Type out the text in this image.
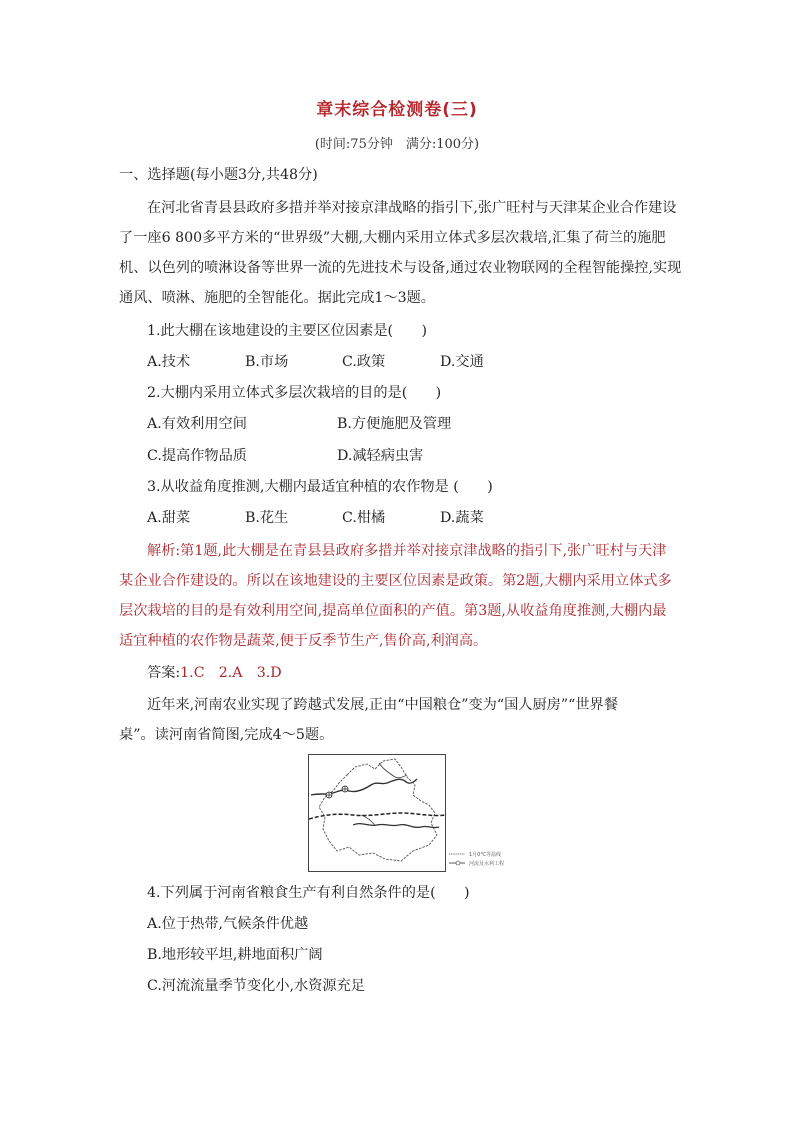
章末综合检测卷(三)
(时间:75分钟　满分:100分)
一、选择题(每小题3分,共48分)
在河北省青县县政府多措并举对接京津战略的指引下,张广旺村与天津某企业合作建设
了一座6 800多平方米的“世界级”大棚,大棚内采用立体式多层次栽培,汇集了荷兰的施肥
机、以色列的喷淋设备等世界一流的先进技术与设备,通过农业物联网的全程智能操控,实现
通风、喷淋、施肥的全智能化。据此完成1～3题。
1.此大棚在该地建设的主要区位因素是(　　)
A.技术	B.市场	C.政策	D.交通
2.大棚内采用立体式多层次栽培的目的是(　　)
A.有效利用空间	B.方便施肥及管理
C.提高作物品质	D.减轻病虫害
3.从收益角度推测,大棚内最适宜种植的农作物是 (　　)
A.甜菜	B.花生	C.柑橘	D.蔬菜
解析:第1题,此大棚是在青县县政府多措并举对接京津战略的指引下,张广旺村与天津
某企业合作建设的。所以在该地建设的主要区位因素是政策。第2题,大棚内采用立体式多
层次栽培的目的是有效利用空间,提高单位面积的产值。第3题,从收益角度推测,大棚内最
适宜种植的农作物是蔬菜,便于反季节生产,售价高,利润高。
答案:1.C　2.A　3.D
近年来,河南农业实现了跨越式发展,正由“中国粮仓”变为“国人厨房”“世界餐
桌”。读河南省简图,完成4～5题。
1月0℃等温线
河流及水利工程
4.下列属于河南省粮食生产有利自然条件的是(　　)
A.位于热带,气候条件优越
B.地形较平坦,耕地面积广阔
C.河流流量季节变化小,水资源充足
